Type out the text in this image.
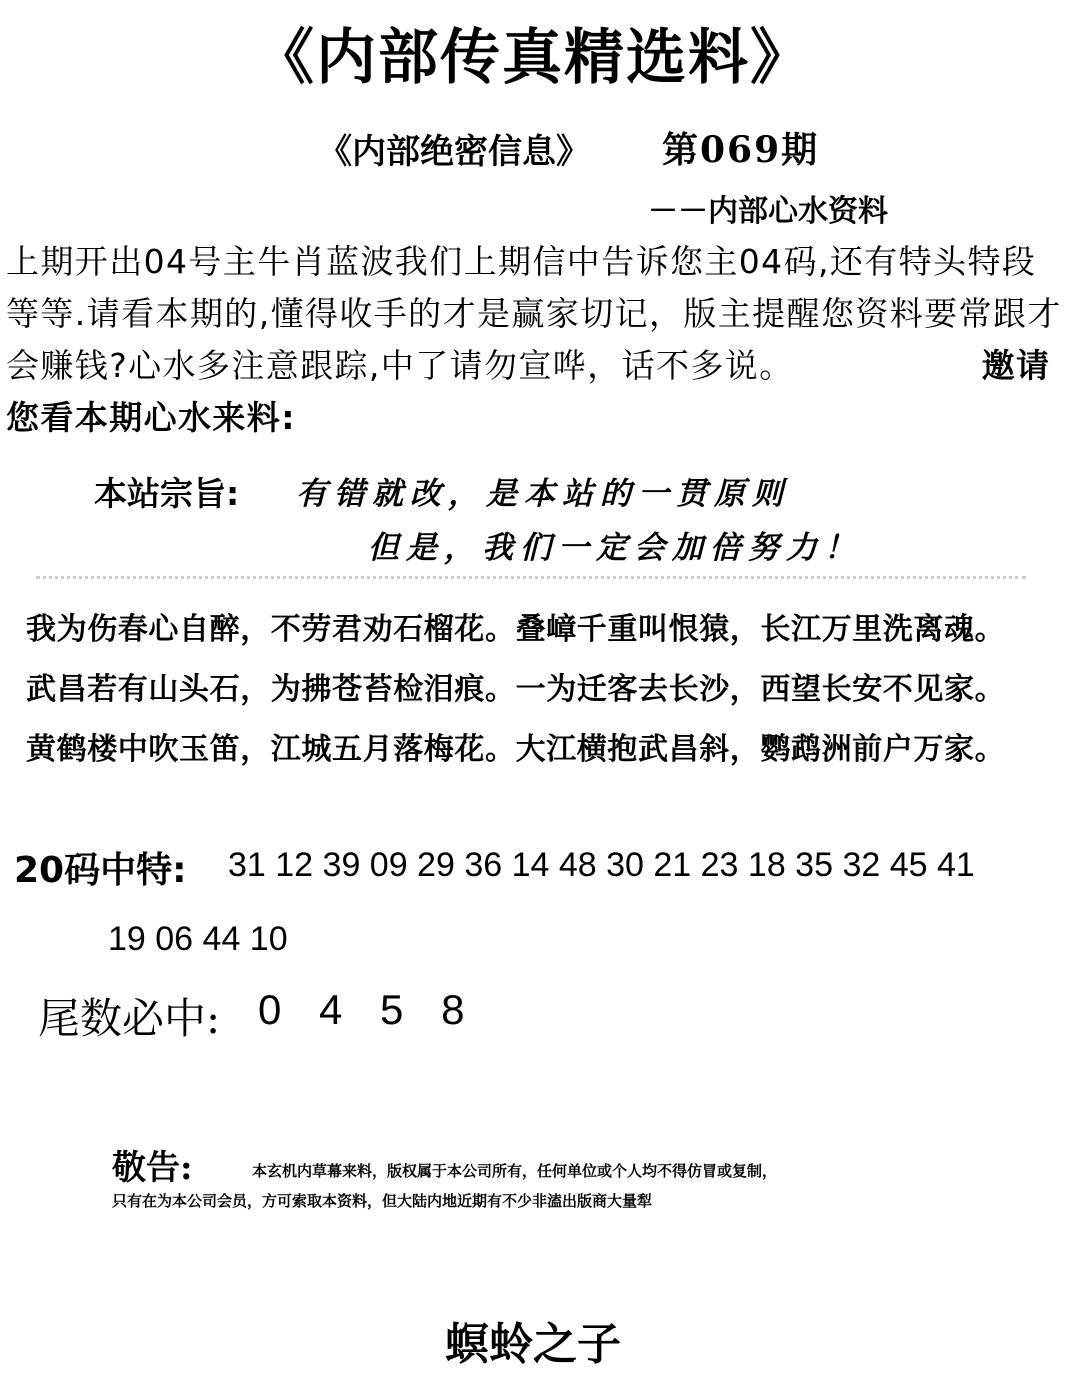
《内部传真精选料》
《内部绝密信息》 第069期
－－内部心水资料
上期开出04号主牛肖蓝波我们上期信中告诉您主04码,还有特头特段等等.请看本期的,懂得收手的才是赢家切记，版主提醒您资料要常跟才会赚钱?心水多注意跟踪,中了请勿宣哗，话不多说。	邀请您看本期心水来料:
本站宗旨: 有错就改，是本站的一贯原则
但是，我们一定会加倍努力！
我为伤春心自醉，不劳君劝石榴花。叠嶂千重叫恨猿，长江万里洗离魂。
武昌若有山头石，为拂苍苔检泪痕。一为迁客去长沙，西望长安不见家。
黄鹤楼中吹玉笛，江城五月落梅花。大江横抱武昌斜，鹦鹉洲前户万家。
20码中特: 31 12 39 09 29 36 14 48 30 21 23 18 35 32 45 41
19 06 44 10
尾数必中: 0 4 5 8
敬告:	本玄机内草幕来料，版权属于本公司所有，任何单位或个人均不得仿冒或复制，
只有在为本公司会员，方可索取本资料，但大陆内地近期有不少非溘出版商大量犁
螟蛉之子
